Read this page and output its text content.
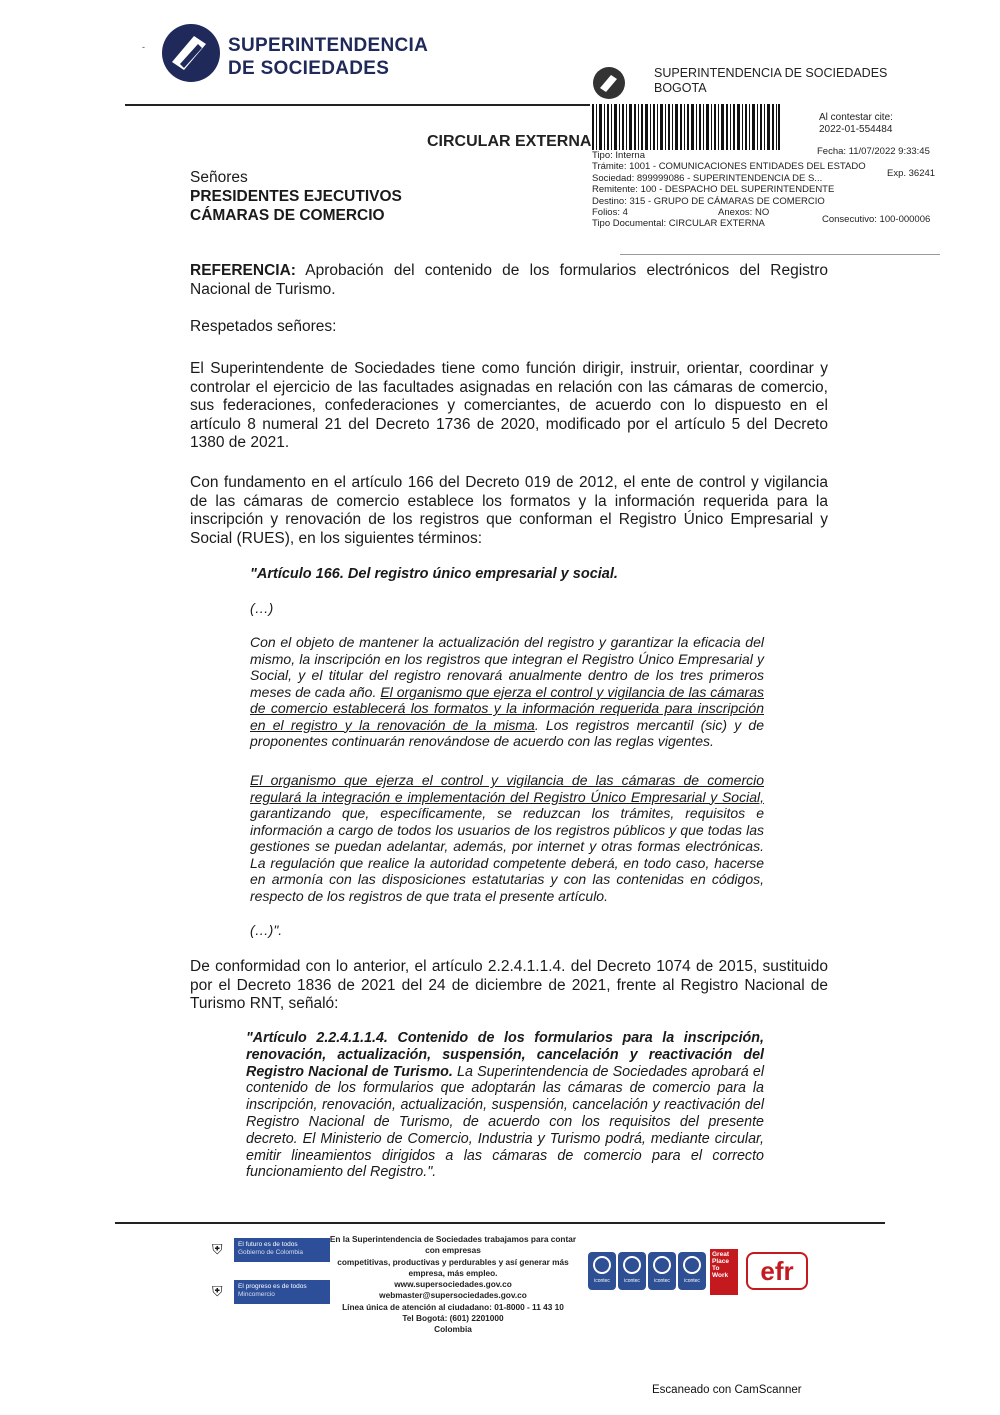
-	SUPERINTENDENCIA
DE SOCIEDADES	SUPERINTENDENCIA DE SOCIEDADES
BOGOTA
Al contestar cite:
2022-01-554484
CIRCULAR EXTERNA
Fecha: 11/07/2022 9:33:45
Exp. 36241
Tipo: Interna
Trámite: 1001 - COMUNICACIONES ENTIDADES DEL ESTADO
Sociedad: 899999086 - SUPERINTENDENCIA DE S...
Remitente: 100 - DESPACHO DEL SUPERINTENDENTE
Destino: 315 - GRUPO DE CÁMARAS DE COMERCIO
Folios: 4
Tipo Documental: CIRCULAR EXTERNA
Anexos: NO
Consecutivo: 100-000006
Señores
PRESIDENTES EJECUTIVOS
CÁMARAS DE COMERCIO
REFERENCIA: Aprobación del contenido de los formularios electrónicos del Registro Nacional de Turismo.
Respetados señores:
El Superintendente de Sociedades tiene como función dirigir, instruir, orientar, coordinar y controlar el ejercicio de las facultades asignadas en relación con las cámaras de comercio, sus federaciones, confederaciones y comerciantes, de acuerdo con lo dispuesto en el artículo 8 numeral 21 del Decreto 1736 de 2020, modificado por el artículo 5 del Decreto 1380 de 2021.
Con fundamento en el artículo 166 del Decreto 019 de 2012, el ente de control y vigilancia de las cámaras de comercio establece los formatos y la información requerida para la inscripción y renovación de los registros que conforman el Registro Único Empresarial y Social (RUES), en los siguientes términos:
"Artículo 166. Del registro único empresarial y social.
(…)
Con el objeto de mantener la actualización del registro y garantizar la eficacia del mismo, la inscripción en los registros que integran el Registro Único Empresarial y Social, y el titular del registro renovará anualmente dentro de los tres primeros meses de cada año. El organismo que ejerza el control y vigilancia de las cámaras de comercio establecerá los formatos y la información requerida para inscripción en el registro y la renovación de la misma. Los registros mercantil (sic) y de proponentes continuarán renovándose de acuerdo con las reglas vigentes.
El organismo que ejerza el control y vigilancia de las cámaras de comercio regulará la integración e implementación del Registro Único Empresarial y Social, garantizando que, específicamente, se reduzcan los trámites, requisitos e información a cargo de todos los usuarios de los registros públicos y que todas las gestiones se puedan adelantar, además, por internet y otras formas electrónicas. La regulación que realice la autoridad competente deberá, en todo caso, hacerse en armonía con las disposiciones estatutarias y con las contenidas en códigos, respecto de los registros de que trata el presente artículo.
(…)".
De conformidad con lo anterior, el artículo 2.2.4.1.1.4. del Decreto 1074 de 2015, sustituido por el Decreto 1836 de 2021 del 24 de diciembre de 2021, frente al Registro Nacional de Turismo RNT, señaló:
"Artículo 2.2.4.1.1.4. Contenido de los formularios para la inscripción, renovación, actualización, suspensión, cancelación y reactivación del Registro Nacional de Turismo. La Superintendencia de Sociedades aprobará el contenido de los formularios que adoptarán las cámaras de comercio para la inscripción, renovación, actualización, suspensión, cancelación y reactivación del Registro Nacional de Turismo, de acuerdo con los requisitos del presente decreto. El Ministerio de Comercio, Industria y Turismo podrá, mediante circular, emitir lineamientos dirigidos a las cámaras de comercio para el correcto funcionamiento del Registro.".
⛨	El futuro es de todos
Gobierno de Colombia
⛨	El progreso es de todos
Mincomercio
En la Superintendencia de Sociedades trabajamos para contar con empresas
competitivas, productivas y perdurables y así generar más empresa, más empleo.
www.supersociedades.gov.co
webmaster@supersociedades.gov.co
Línea única de atención al ciudadano: 01-8000 - 11 43 10
Tel Bogotá: (601) 2201000
Colombia
icontec	icontec	icontec	icontec
Great Place To Work	efr
Escaneado con CamScanner
